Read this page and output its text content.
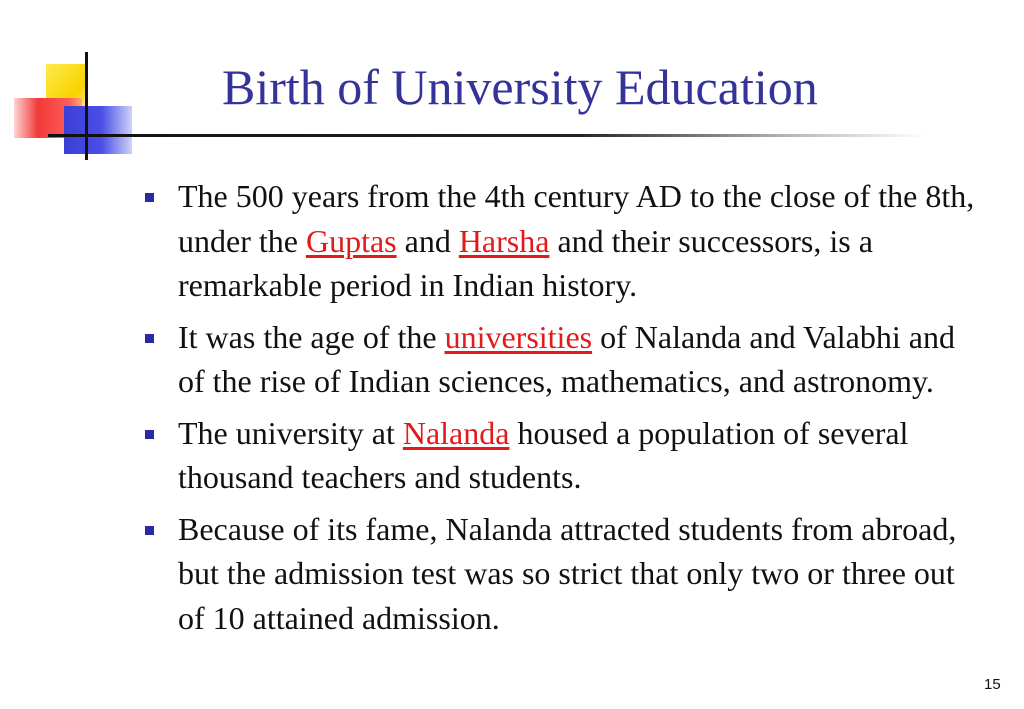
Birth of University Education
The 500 years from the 4th century AD to the close of the 8th, under the Guptas and Harsha and their successors, is a remarkable period in Indian history.
It was the age of the universities of Nalanda and Valabhi and of the rise of Indian sciences, mathematics, and astronomy.
The university at Nalanda housed a population of several thousand teachers and students.
Because of its fame, Nalanda attracted students from abroad, but the admission test was so strict that only two or three out of 10 attained admission.
15
